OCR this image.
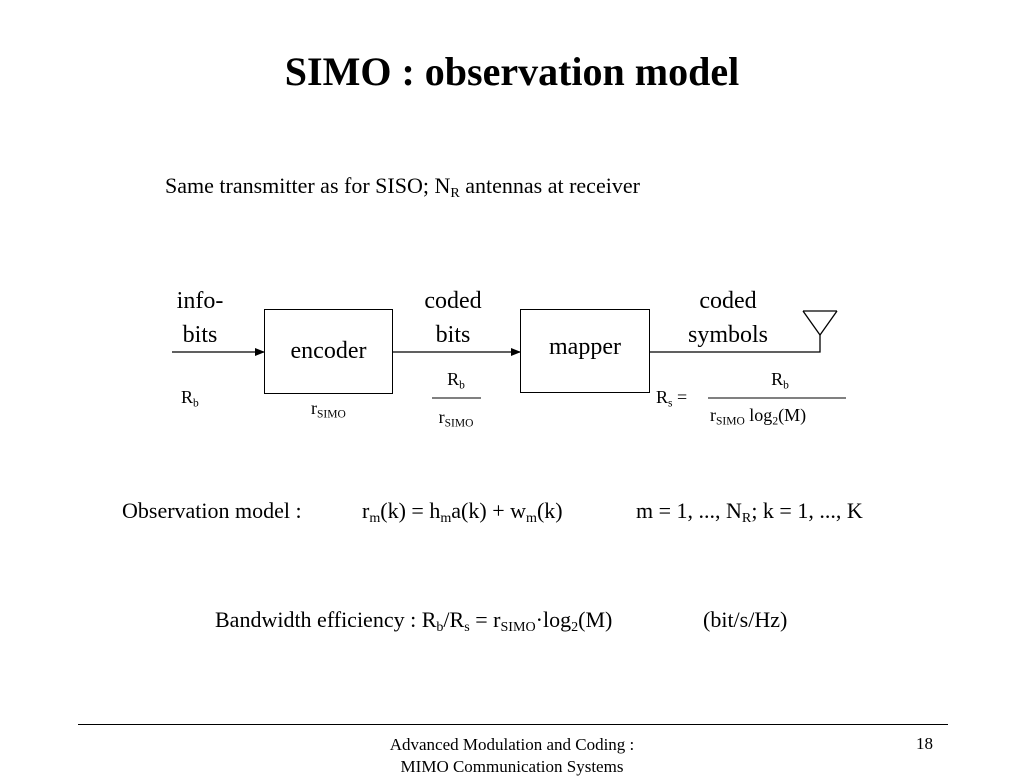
SIMO : observation model
Same transmitter as for SISO; $N_R$ antennas at receiver
encoder	mapper
info-
bits
$R_b$	$r_{SIMO}$
coded
bits
$R_b$
$r_{SIMO}$
coded
symbols
$R_s$ =
$R_b$
$r_{SIMO}$ $\log_2(M)$
Observation model :	$r_m(k) = h_ma(k) + w_m(k)$	m = 1, ..., $N_R$; k = 1, ..., K
Bandwidth efficiency : $R_b/R_s = r_{SIMO}\cdot\log_2(M)$	(bit/s/Hz)
Advanced Modulation and Coding :
MIMO Communication Systems
18
